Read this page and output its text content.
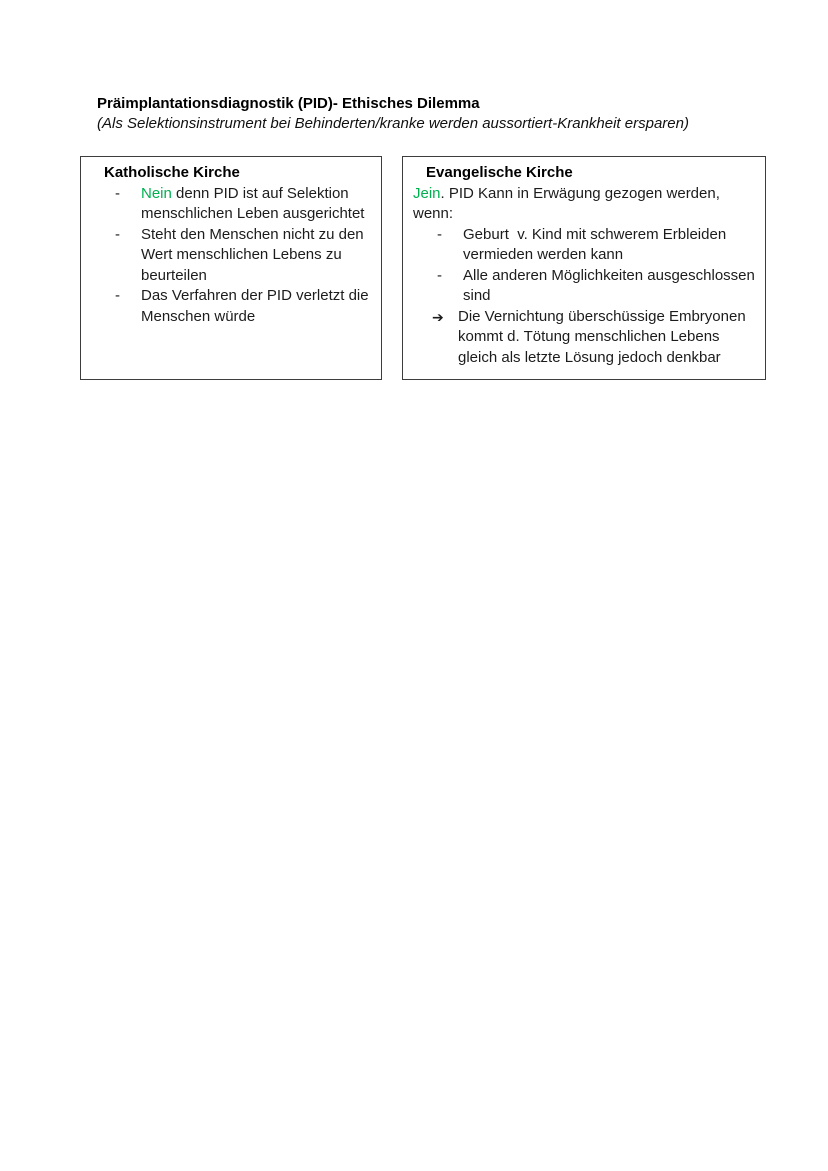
Präimplantationsdiagnostik (PID)- Ethisches Dilemma
(Als Selektionsinstrument bei Behinderten/kranke werden aussortiert-Krankheit ersparen)
Katholische Kirche
-	Nein denn PID ist auf Selektion menschlichen Leben ausgerichtet
-	Steht den Menschen nicht zu den Wert menschlichen Lebens zu beurteilen
-	Das Verfahren der PID verletzt die Menschen würde
Evangelische Kirche

Jein. PID Kann in Erwägung gezogen werden, wenn:

-	Geburt  v. Kind mit schwerem Erbleiden vermieden werden kann
-	Alle anderen Möglichkeiten ausgeschlossen sind
➔ Die Vernichtung überschüssige Embryonen kommt d. Tötung menschlichen Lebens gleich als letzte Lösung jedoch denkbar
